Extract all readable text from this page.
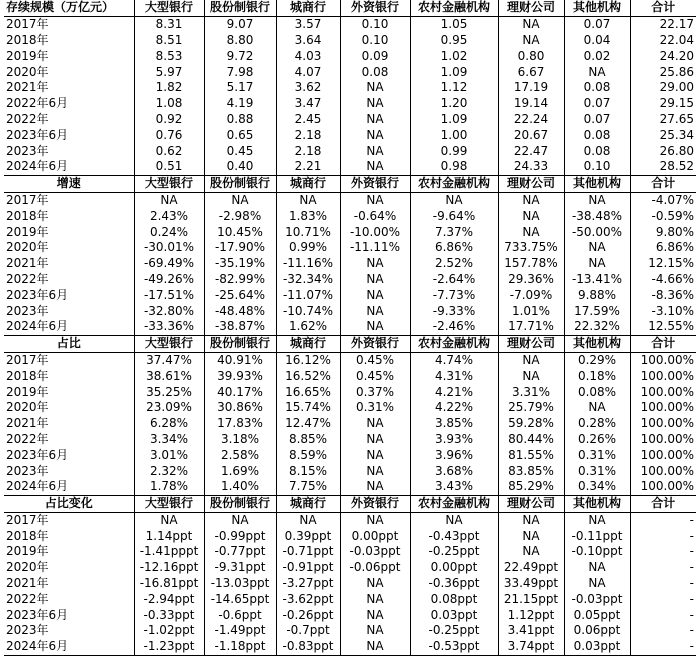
存续规模（万亿元）	大型银行	股份制银行	城商行	外资银行	农村金融机构	理财公司	其他机构	合计
2017年	8.31	9.07	3.57	0.10	1.05	NA	0.07	22.17
2018年	8.51	8.80	3.64	0.10	0.95	NA	0.04	22.04
2019年	8.53	9.72	4.03	0.09	1.02	0.80	0.02	24.20
2020年	5.97	7.98	4.07	0.08	1.09	6.67	NA	25.86
2021年	1.82	5.17	3.62	NA	1.12	17.19	0.08	29.00
2022年6月	1.08	4.19	3.47	NA	1.20	19.14	0.07	29.15
2022年	0.92	0.88	2.45	NA	1.09	22.24	0.07	27.65
2023年6月	0.76	0.65	2.18	NA	1.00	20.67	0.08	25.34
2023年	0.62	0.45	2.18	NA	0.99	22.47	0.08	26.80
2024年6月	0.51	0.40	2.21	NA	0.98	24.33	0.10	28.52
增速	大型银行	股份制银行	城商行	外资银行	农村金融机构	理财公司	其他机构	合计
2017年	NA	NA	NA	NA	NA	NA	NA	-4.07%
2018年	2.43%	-2.98%	1.83%	-0.64%	-9.64%	NA	-38.48%	-0.59%
2019年	0.24%	10.45%	10.71%	-10.00%	7.37%	NA	-50.00%	9.80%
2020年	-30.01%	-17.90%	0.99%	-11.11%	6.86%	733.75%	NA	6.86%
2021年	-69.49%	-35.19%	-11.16%	NA	2.52%	157.78%	NA	12.15%
2022年	-49.26%	-82.99%	-32.34%	NA	-2.64%	29.36%	-13.41%	-4.66%
2023年6月	-17.51%	-25.64%	-11.07%	NA	-7.73%	-7.09%	9.88%	-8.36%
2023年	-32.80%	-48.48%	-10.74%	NA	-9.33%	1.01%	17.59%	-3.10%
2024年6月	-33.36%	-38.87%	1.62%	NA	-2.46%	17.71%	22.32%	12.55%
占比	大型银行	股份制银行	城商行	外资银行	农村金融机构	理财公司	其他机构	合计
2017年	37.47%	40.91%	16.12%	0.45%	4.74%	NA	0.29%	100.00%
2018年	38.61%	39.93%	16.52%	0.45%	4.31%	NA	0.18%	100.00%
2019年	35.25%	40.17%	16.65%	0.37%	4.21%	3.31%	0.08%	100.00%
2020年	23.09%	30.86%	15.74%	0.31%	4.22%	25.79%	NA	100.00%
2021年	6.28%	17.83%	12.47%	NA	3.85%	59.28%	0.28%	100.00%
2022年	3.34%	3.18%	8.85%	NA	3.93%	80.44%	0.26%	100.00%
2023年6月	3.01%	2.58%	8.59%	NA	3.96%	81.55%	0.31%	100.00%
2023年	2.32%	1.69%	8.15%	NA	3.68%	83.85%	0.31%	100.00%
2024年6月	1.78%	1.40%	7.75%	NA	3.43%	85.29%	0.34%	100.00%
占比变化	大型银行	股份制银行	城商行	外资银行	农村金融机构	理财公司	其他机构	合计
2017年	NA	NA	NA	NA	NA	NA	NA	-
2018年	1.14ppt	-0.99ppt	0.39ppt	0.00ppt	-0.43ppt	NA	-0.11ppt	-
2019年	-1.41pppt	-0.77ppt	-0.71ppt	-0.03ppt	-0.25ppt	NA	-0.10ppt	-
2020年	-12.16ppt	-9.31ppt	-0.91ppt	-0.06ppt	0.00ppt	22.49ppt	NA	-
2021年	-16.81ppt	-13.03ppt	-3.27ppt	NA	-0.36ppt	33.49ppt	NA	-
2022年	-2.94ppt	-14.65ppt	-3.62ppt	NA	0.08ppt	21.15ppt	-0.03ppt	-
2023年6月	-0.33ppt	-0.6ppt	-0.26ppt	NA	0.03ppt	1.12ppt	0.05ppt	-
2023年	-1.02ppt	-1.49ppt	-0.7ppt	NA	-0.25ppt	3.41ppt	0.06ppt	-
2024年6月	-1.23ppt	-1.18ppt	-0.83ppt	NA	-0.53ppt	3.74ppt	0.03ppt	-
